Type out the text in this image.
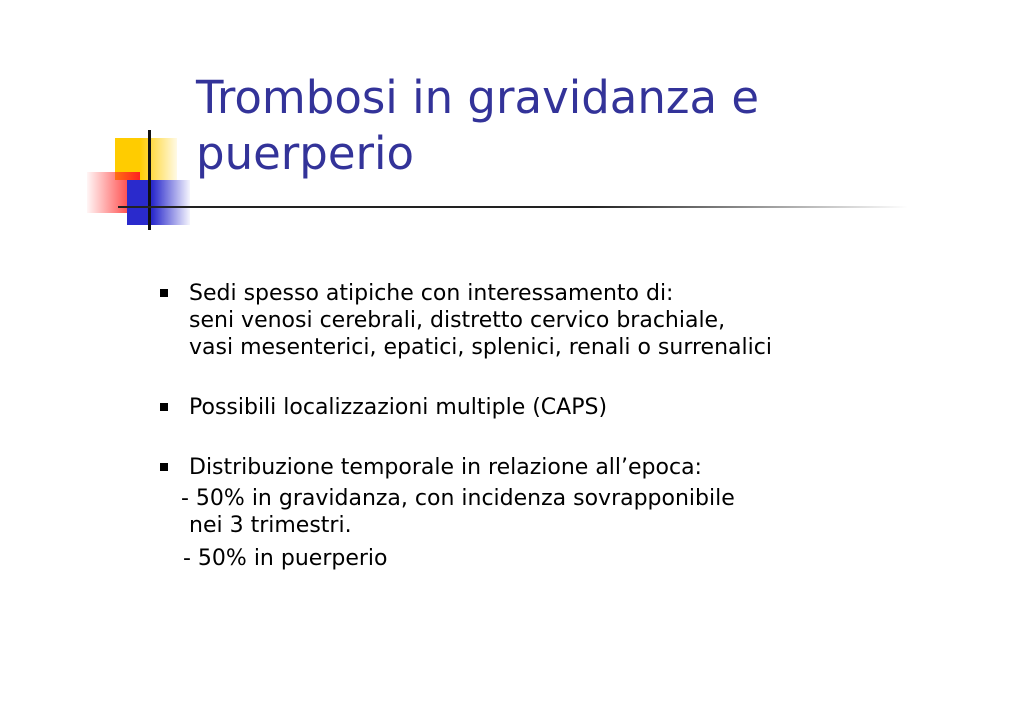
Trombosi in gravidanza e
puerperio
Sedi spesso atipiche con interessamento di:
seni venosi cerebrali, distretto cervico brachiale,
vasi mesenterici, epatici, splenici, renali o surrenalici
Possibili localizzazioni multiple (CAPS)
Distribuzione temporale in relazione all’epoca:
- 50% in gravidanza, con incidenza sovrapponibile
nei 3 trimestri.
- 50% in puerperio
